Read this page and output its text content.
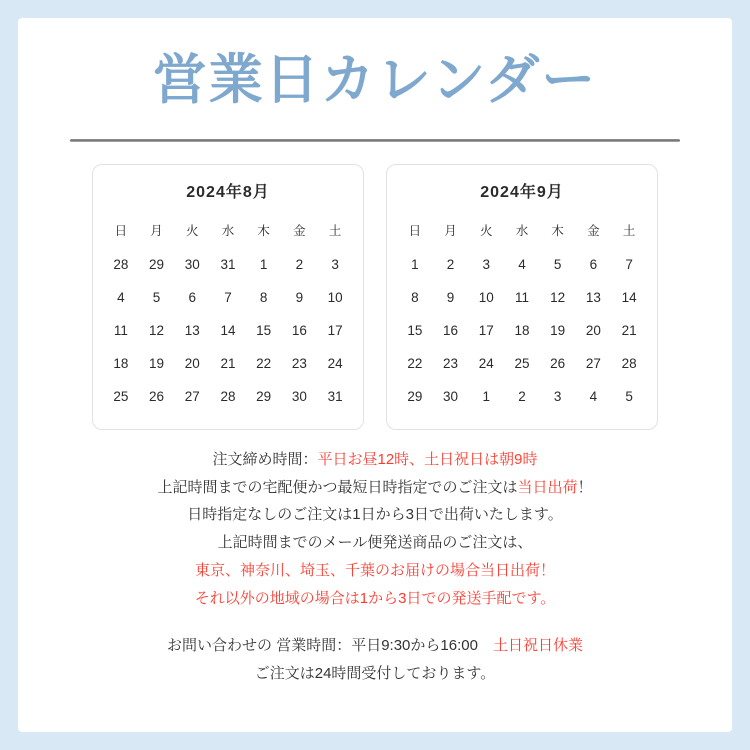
営業日カレンダー
2024年8月
日	月	火	水	木	金	土
28	29	30	31	1	2	3
4	5	6	7	8	9	10
11	12	13	14	15	16	17
18	19	20	21	22	23	24
25	26	27	28	29	30	31
2024年9月
日	月	火	水	木	金	土
1	2	3	4	5	6	7
8	9	10	11	12	13	14
15	16	17	18	19	20	21
22	23	24	25	26	27	28
29	30	1	2	3	4	5
注文締め時間：平日お昼12時、土日祝日は朝9時
上記時間までの宅配便かつ最短日時指定でのご注文は当日出荷！
日時指定なしのご注文は1日から3日で出荷いたします。
上記時間までのメール便発送商品のご注文は、
東京、神奈川、埼玉、千葉のお届けの場合当日出荷！
それ以外の地域の場合は1から3日での発送手配です。
お問い合わせの 営業時間：平日9:30から16:00　土日祝日休業
ご注文は24時間受付しております。
